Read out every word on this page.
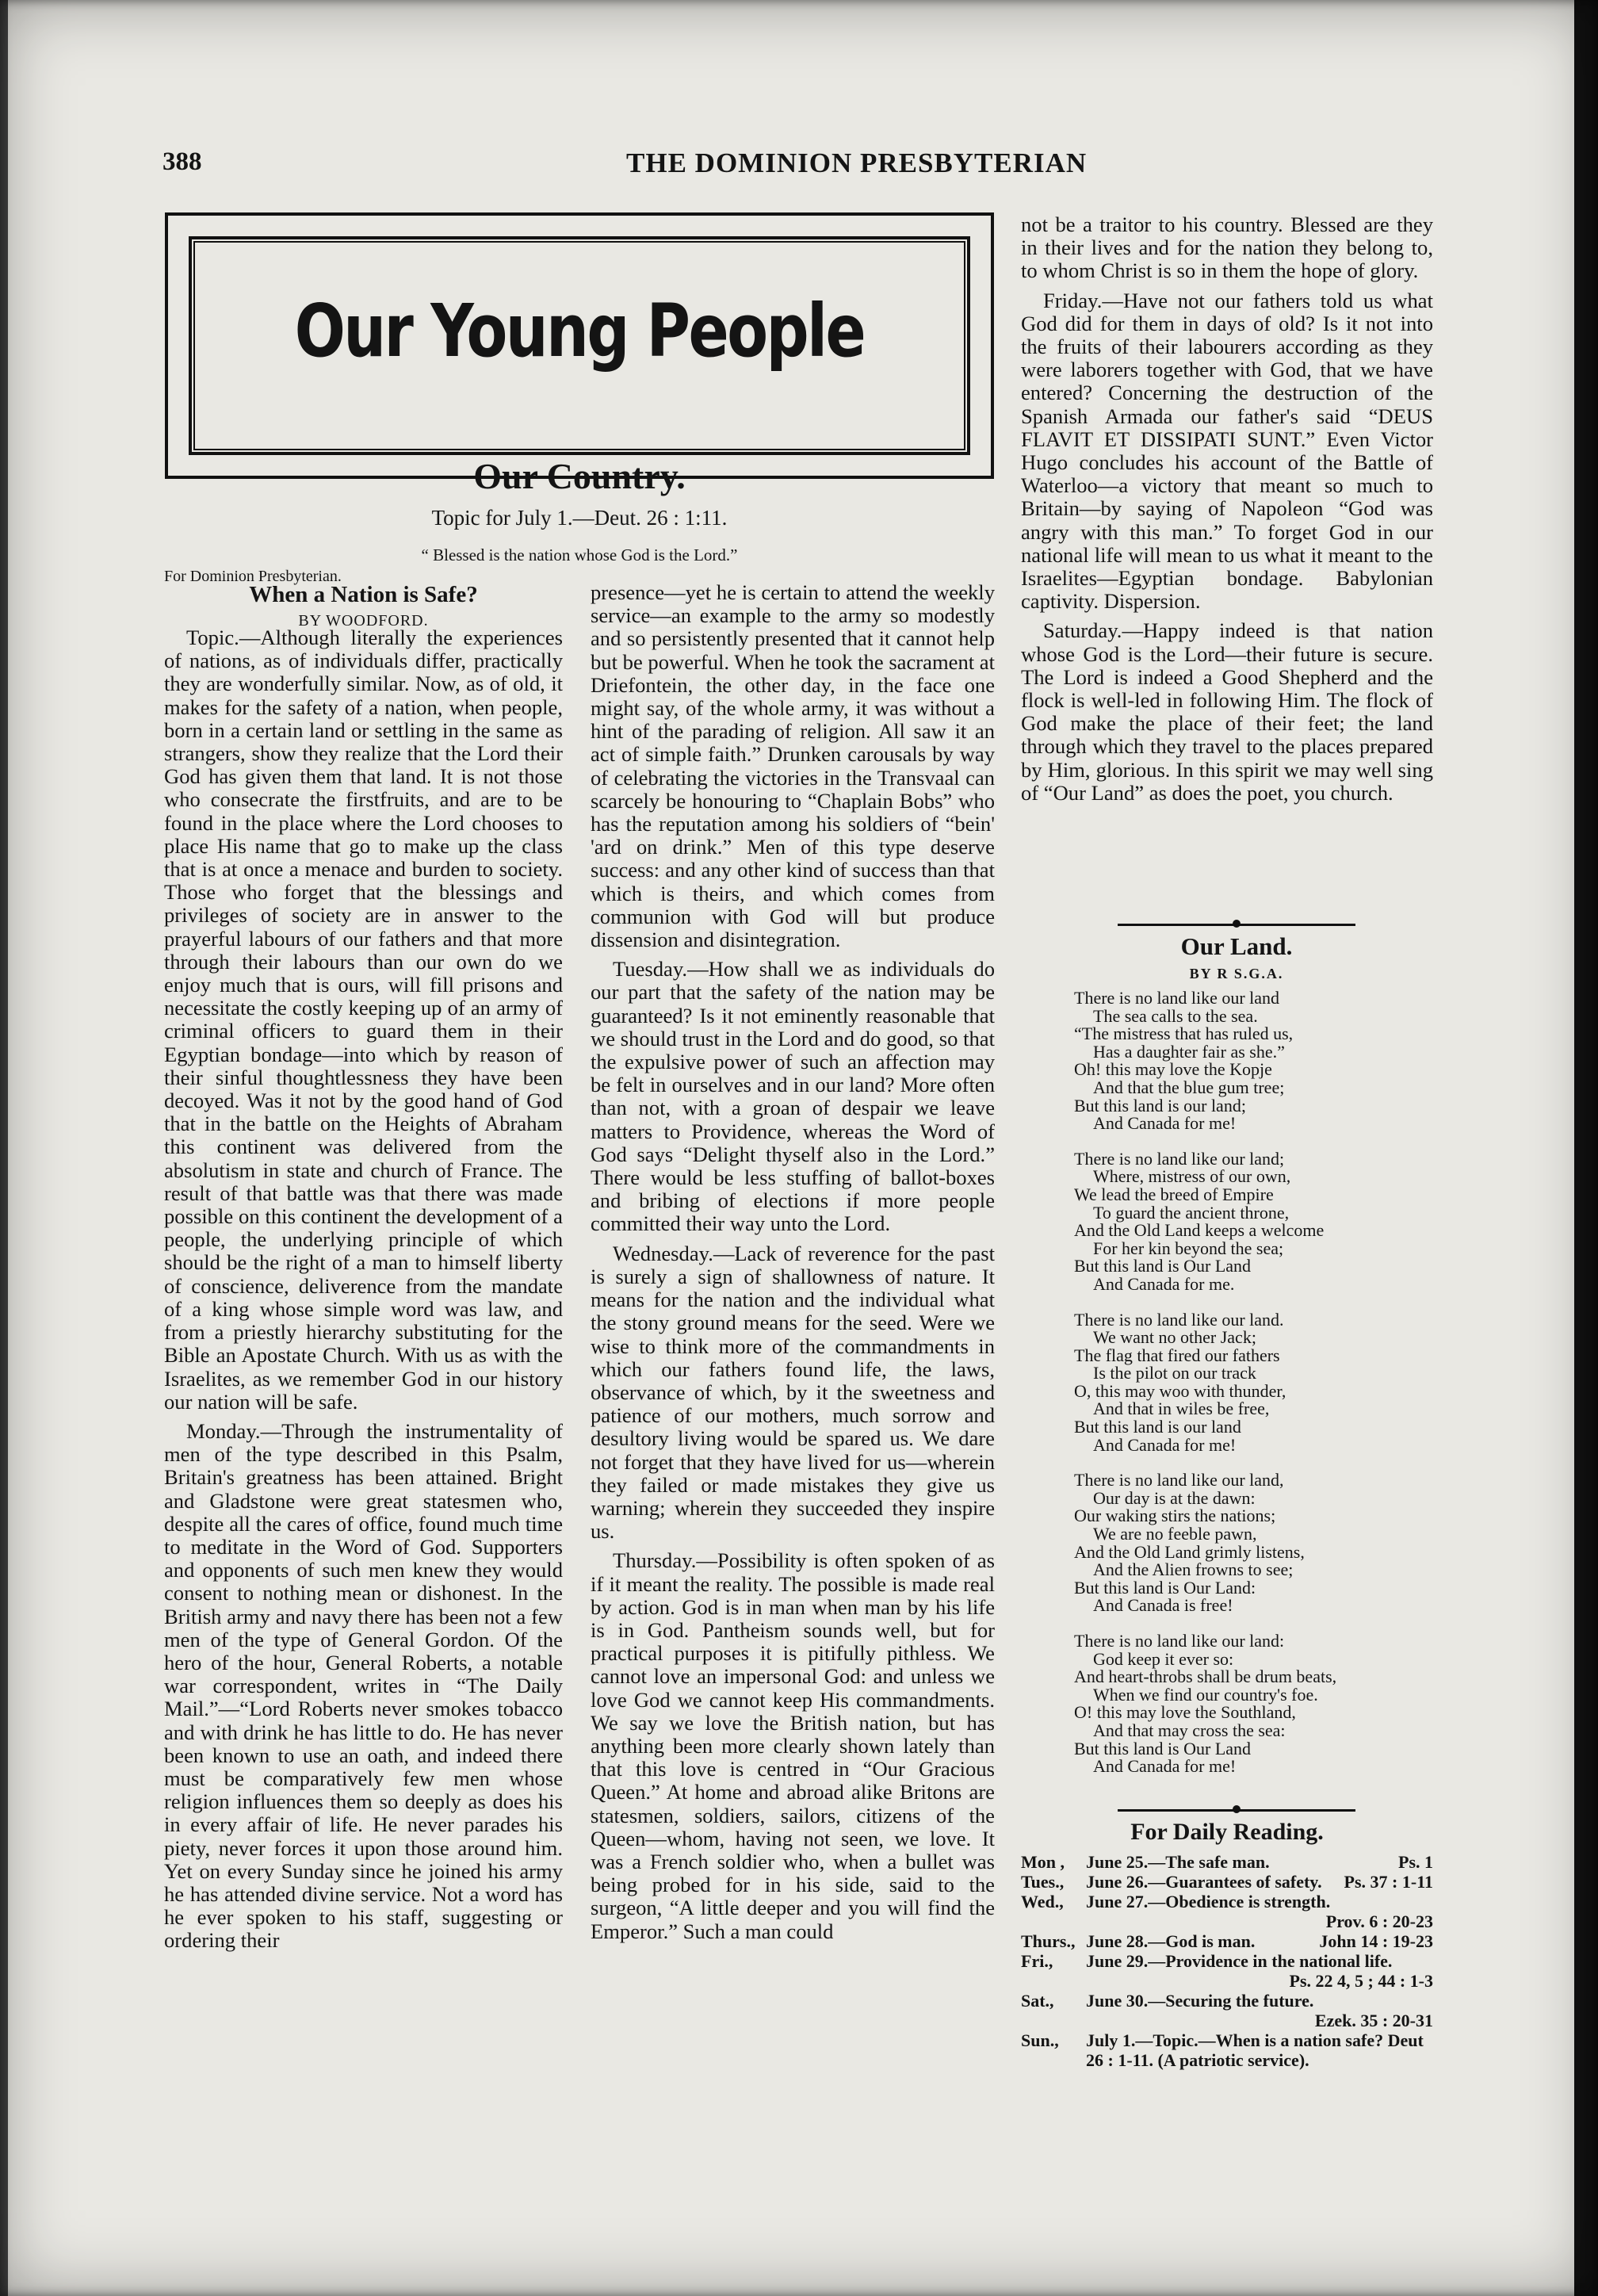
388	THE DOMINION PRESBYTERIAN
Our Young People
Our Country.
Topic for July 1.—Deut. 26 : 1:11.
“ Blessed is the nation whose God is the Lord.”
For Dominion Presbyterian.
When a Nation is Safe?
BY WOODFORD.

Topic.—Although literally the experiences of nations, as of individuals differ, practically they are wonderfully similar. Now, as of old, it makes for the safety of a nation, when people, born in a certain land or settling in the same as strangers, show they realize that the Lord their God has given them that land. It is not those who consecrate the firstfruits, and are to be found in the place where the Lord chooses to place His name that go to make up the class that is at once a menace and burden to society. Those who forget that the blessings and privileges of society are in answer to the prayerful labours of our fathers and that more through their labours than our own do we enjoy much that is ours, will fill prisons and necessitate the costly keeping up of an army of criminal officers to guard them in their Egyptian bondage—into which by reason of their sinful thoughtlessness they have been decoyed. Was it not by the good hand of God that in the battle on the Heights of Abraham this continent was delivered from the absolutism in state and church of France. The result of that battle was that there was made possible on this continent the development of a people, the underlying principle of which should be the right of a man to himself liberty of conscience, deliverence from the mandate of a king whose simple word was law, and from a priestly hierarchy substituting for the Bible an Apostate Church. With us as with the Israelites, as we remember God in our history our nation will be safe.

Monday.—Through the instrumentality of men of the type described in this Psalm, Britain's greatness has been attained. Bright and Gladstone were great statesmen who, despite all the cares of office, found much time to meditate in the Word of God. Supporters and opponents of such men knew they would consent to nothing mean or dishonest. In the British army and navy there has been not a few men of the type of General Gordon. Of the hero of the hour, General Roberts, a notable war correspondent, writes in “The Daily Mail.”—“Lord Roberts never smokes tobacco and with drink he has little to do. He has never been known to use an oath, and indeed there must be comparatively few men whose religion influences them so deeply as does his in every affair of life. He never parades his piety, never forces it upon those around him. Yet on every Sunday since he joined his army he has attended divine service. Not a word has he ever spoken to his staff, suggesting or ordering their

presence—yet he is certain to attend the weekly service—an example to the army so modestly and so persistently presented that it cannot help but be powerful. When he took the sacrament at Driefontein, the other day, in the face one might say, of the whole army, it was without a hint of the parading of religion. All saw it an act of simple faith.” Drunken carousals by way of celebrating the victories in the Transvaal can scarcely be honouring to “Chaplain Bobs” who has the reputation among his soldiers of “bein' 'ard on drink.” Men of this type deserve success: and any other kind of success than that which is theirs, and which comes from communion with God will but produce dissension and disintegration.

Tuesday.—How shall we as individuals do our part that the safety of the nation may be guaranteed? Is it not eminently reasonable that we should trust in the Lord and do good, so that the expulsive power of such an affection may be felt in ourselves and in our land? More often than not, with a groan of despair we leave matters to Providence, whereas the Word of God says “Delight thyself also in the Lord.” There would be less stuffing of ballot-boxes and bribing of elections if more people committed their way unto the Lord.

Wednesday.—Lack of reverence for the past is surely a sign of shallowness of nature. It means for the nation and the individual what the stony ground means for the seed. Were we wise to think more of the commandments in which our fathers found life, the laws, observance of which, by it the sweetness and patience of our mothers, much sorrow and desultory living would be spared us. We dare not forget that they have lived for us—wherein they failed or made mistakes they give us warning; wherein they succeeded they inspire us.

Thursday.—Possibility is often spoken of as if it meant the reality. The possible is made real by action. God is in man when man by his life is in God. Pantheism sounds well, but for practical purposes it is pitifully pithless. We cannot love an impersonal God: and unless we love God we cannot keep His commandments. We say we love the British nation, but has anything been more clearly shown lately than that this love is centred in “Our Gracious Queen.” At home and abroad alike Britons are statesmen, soldiers, sailors, citizens of the Queen—whom, having not seen, we love. It was a French soldier who, when a bullet was being probed for in his side, said to the surgeon, “A little deeper and you will find the Emperor.” Such a man could

not be a traitor to his country. Blessed are they in their lives and for the nation they belong to, to whom Christ is so in them the hope of glory.

Friday.—Have not our fathers told us what God did for them in days of old? Is it not into the fruits of their labourers according as they were laborers together with God, that we have entered? Concerning the destruction of the Spanish Armada our father's said “DEUS FLAVIT ET DISSIPATI SUNT.” Even Victor Hugo concludes his account of the Battle of Waterloo—a victory that meant so much to Britain—by saying of Napoleon “God was angry with this man.” To forget God in our national life will mean to us what it meant to the Israelites—Egyptian bondage. Babylonian captivity. Dispersion.

Saturday.—Happy indeed is that nation whose God is the Lord—their future is secure. The Lord is indeed a Good Shepherd and the flock is well-led in following Him. The flock of God make the place of their feet; the land through which they travel to the places prepared by Him, glorious. In this spirit we may well sing of “Our Land” as does the poet, you church.

Our Land.
BY R S.G.A.
There is no land like our land
The sea calls to the sea.
“The mistress that has ruled us,
Has a daughter fair as she.”
Oh! this may love the Kopje
And that the blue gum tree;
But this land is our land;
And Canada for me!
There is no land like our land;
Where, mistress of our own,
We lead the breed of Empire
To guard the ancient throne,
And the Old Land keeps a welcome
For her kin beyond the sea;
But this land is Our Land
And Canada for me.
There is no land like our land.
We want no other Jack;
The flag that fired our fathers
Is the pilot on our track
O, this may woo with thunder,
And that in wiles be free,
But this land is our land
And Canada for me!
There is no land like our land,
Our day is at the dawn:
Our waking stirs the nations;
We are no feeble pawn,
And the Old Land grimly listens,
And the Alien frowns to see;
But this land is Our Land:
And Canada is free!
There is no land like our land:
God keep it ever so:
And heart-throbs shall be drum beats,
When we find our country's foe.
O! this may love the Southland,
And that may cross the sea:
But this land is Our Land
And Canada for me!
For Daily Reading.
Mon ,	June 25.—The safe man.	Ps. 1
Tues.,	June 26.—Guarantees of safety.	Ps. 37 : 1-11
Wed.,	June 27.—Obedience is strength.
Prov. 6 : 20-23
Thurs., June 28.—God is man.	John 14 : 19-23
Fri.,	June 29.—Providence in the national life.
Ps. 22 4, 5 ; 44 : 1-3
Sat.,	June 30.—Securing the future.
Ezek. 35 : 20-31
Sun.,	July 1.—Topic.—When is a nation safe? Deut 26 : 1-11. (A patriotic service).
